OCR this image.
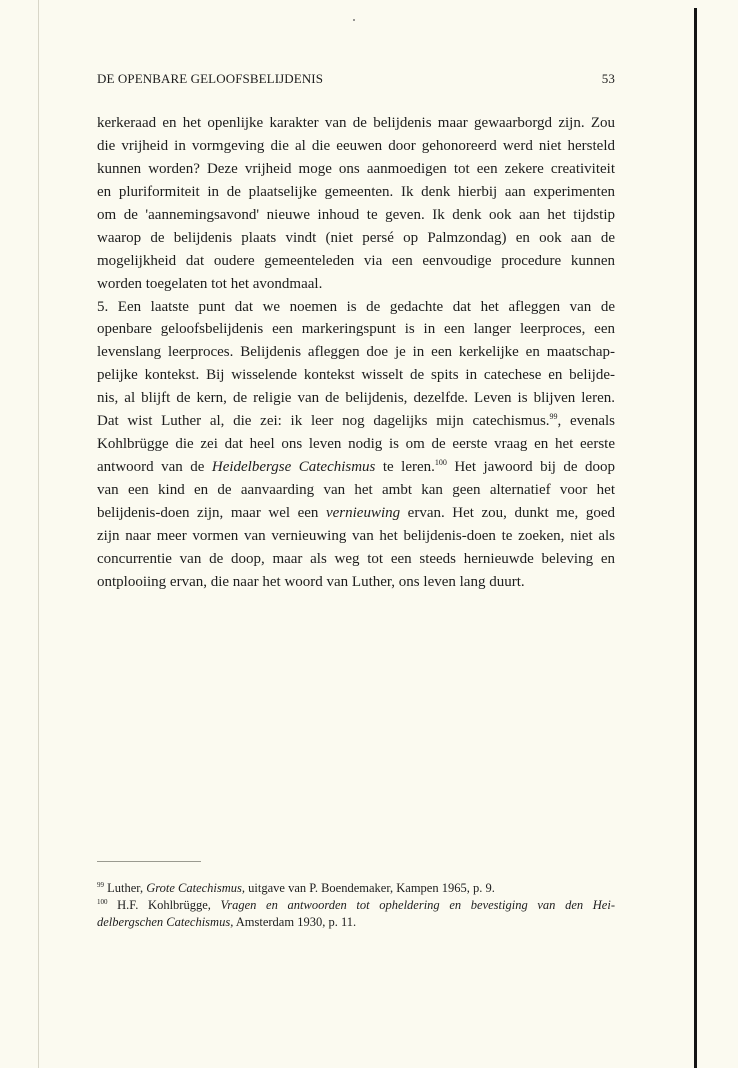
DE OPENBARE GELOOFSBELIJDENIS	53
kerkeraad en het openlijke karakter van de belijdenis maar gewaarborgd zijn. Zou
die vrijheid in vormgeving die al die eeuwen door gehonoreerd werd niet hersteld
kunnen worden? Deze vrijheid moge ons aanmoedigen tot een zekere creativiteit
en pluriformiteit in de plaatselijke gemeenten. Ik denk hierbij aan experimenten
om de 'aannemingsavond' nieuwe inhoud te geven. Ik denk ook aan het tijdstip
waarop de belijdenis plaats vindt (niet persé op Palmzondag) en ook aan de
mogelijkheid dat oudere gemeenteleden via een eenvoudige procedure kunnen
worden toegelaten tot het avondmaal.
5. Een laatste punt dat we noemen is de gedachte dat het afleggen van de
openbare geloofsbelijdenis een markeringspunt is in een langer leerproces, een
levenslang leerproces. Belijdenis afleggen doe je in een kerkelijke en maatschap-
pelijke kontekst. Bij wisselende kontekst wisselt de spits in catechese en belijde-
nis, al blijft de kern, de religie van de belijdenis, dezelfde. Leven is blijven leren.
Dat wist Luther al, die zei: ik leer nog dagelijks mijn catechismus.$^{99}$, evenals
Kohlbrügge die zei dat heel ons leven nodig is om de eerste vraag en het eerste
antwoord van de Heidelbergse Catechismus te leren.$^{100}$ Het jawoord bij de doop
van een kind en de aanvaarding van het ambt kan geen alternatief voor het
belijdenis-doen zijn, maar wel een vernieuwing ervan. Het zou, dunkt me, goed
zijn naar meer vormen van vernieuwing van het belijdenis-doen te zoeken, niet als
concurrentie van de doop, maar als weg tot een steeds hernieuwde beleving en
ontplooiing ervan, die naar het woord van Luther, ons leven lang duurt.
$^{99}$ Luther, Grote Catechismus, uitgave van P. Boendemaker, Kampen 1965, p. 9.
$^{100}$ H.F. Kohlbrügge, Vragen en antwoorden tot opheldering en bevestiging van den Hei-
delbergschen Catechismus, Amsterdam 1930, p. 11.
